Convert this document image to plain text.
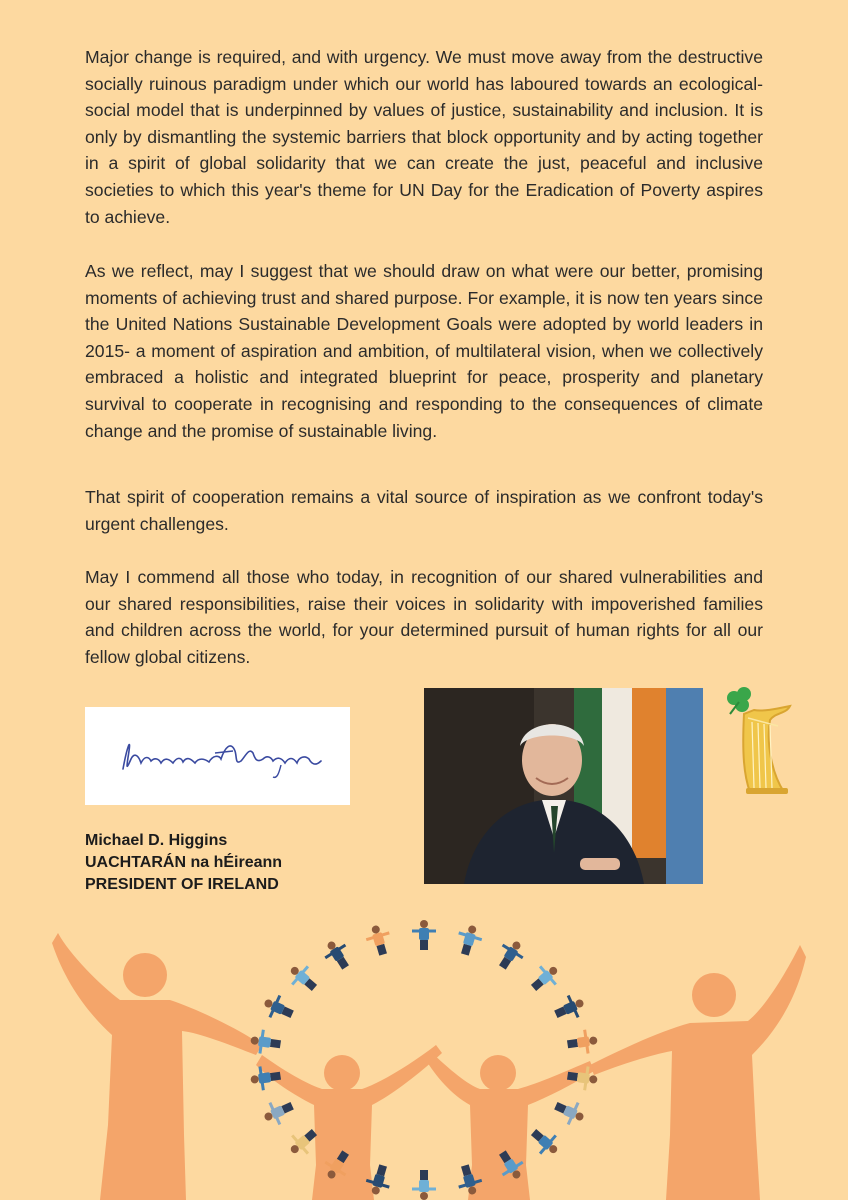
Major change is required, and with urgency. We must move away from the destructive socially ruinous paradigm under which our world has laboured towards an ecological- social model that is underpinned by values of justice, sustainability and inclusion. It is only by dismantling the systemic barriers that block opportunity and by acting together in a spirit of global solidarity that we can create the just, peaceful and inclusive societies to which this year's theme for UN Day for the Eradication of Poverty aspires to achieve.

As we reflect, may I suggest that we should draw on what were our better, promising moments of achieving trust and shared purpose. For example, it is now ten years since the United Nations Sustainable Development Goals were adopted by world leaders in 2015- a moment of aspiration and ambition, of multilateral vision, when we collectively embraced a holistic and integrated blueprint for peace, prosperity and planetary survival to cooperate in recognising and responding to the consequences of climate change and the promise of sustainable living.

That spirit of cooperation remains a vital source of inspiration as we confront today's urgent challenges.

May I commend all those who today, in recognition of our shared vulnerabilities and our shared responsibilities, raise their voices in solidarity with impoverished families and children across the world, for your determined pursuit of human rights for all our fellow global citizens.

Michael D. Higgins
UACHTARÁN na hÉireann
PRESIDENT OF IRELAND
